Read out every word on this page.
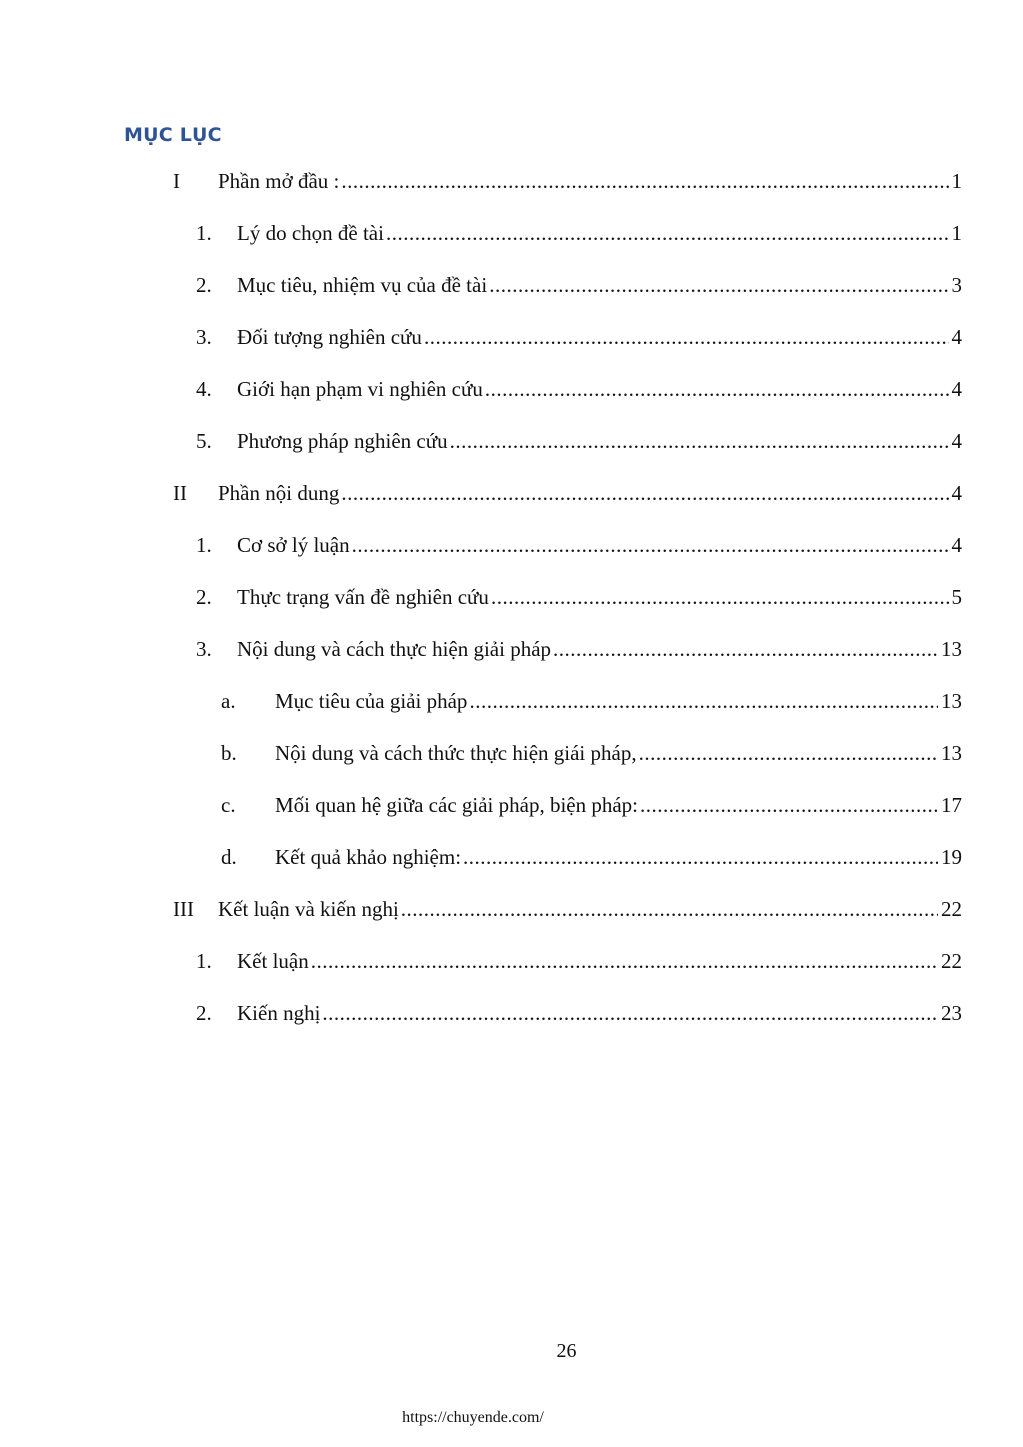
MỤC LỤC
I Phần mở đầu : .....	1
1. Lý do chọn đề tài .....	1
2. Mục tiêu, nhiệm vụ của đề tài .....	3
3. Đối tượng nghiên cứu .....	4
4. Giới hạn phạm vi nghiên cứu .....	4
5. Phương pháp nghiên cứu .....	4
II Phần nội dung .....	4
1. Cơ sở lý luận .....	4
2. Thực trạng vấn đề nghiên cứu .....	5
3. Nội dung và cách thực hiện giải pháp .....	13
a. Mục tiêu của giải pháp .....	13
b. Nội dung và cách thức thực hiện giái pháp, .....	13
c. Mối quan hệ giữa các giải pháp, biện pháp: .....	17
d. Kết quả khảo nghiệm: .....	19
III Kết luận và kiến nghị .....	22
1. Kết luận .....	22
2. Kiến nghị .....	23
26
https://chuyende.com/
